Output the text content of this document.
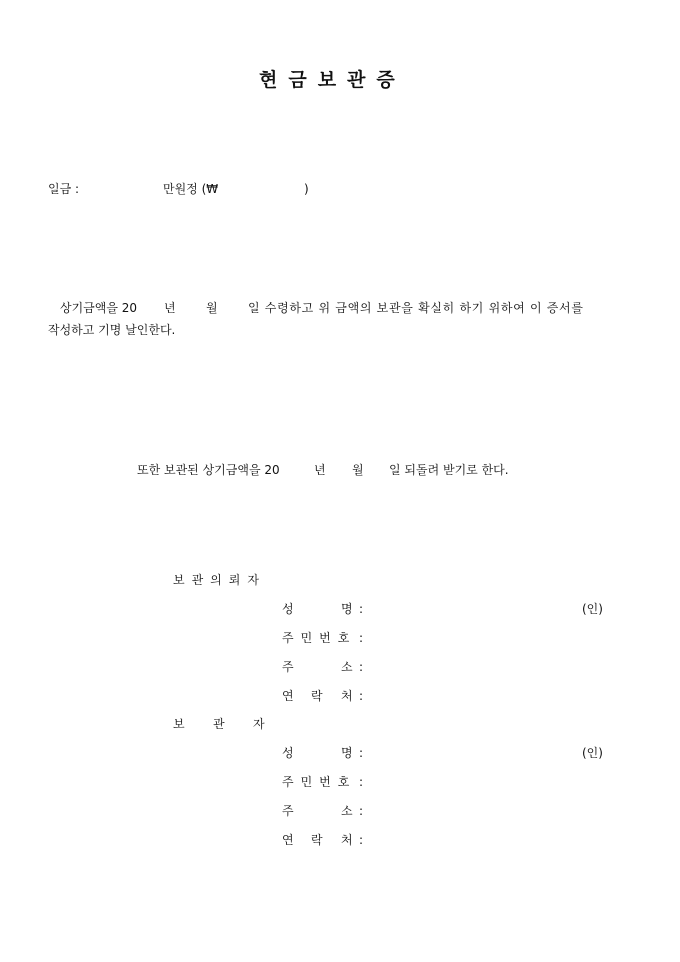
현금보관증
일금 :	만원정 (₩	)
상기금액을 20 년	월	일 수령하고 위 금액의 보관을 확실히 하기 위하여 이 증서를
작성하고 기명 날인한다.
또한 보관된 상기금액을 20	년 월 일 되돌려 받기로 한다.
보관의뢰자
성	명 :	(인)
주민번호 :
주	소 :
연 락 처 :
보 관 자
성	명 :	(인)
주민번호 :
주	소 :
연 락 처 :
